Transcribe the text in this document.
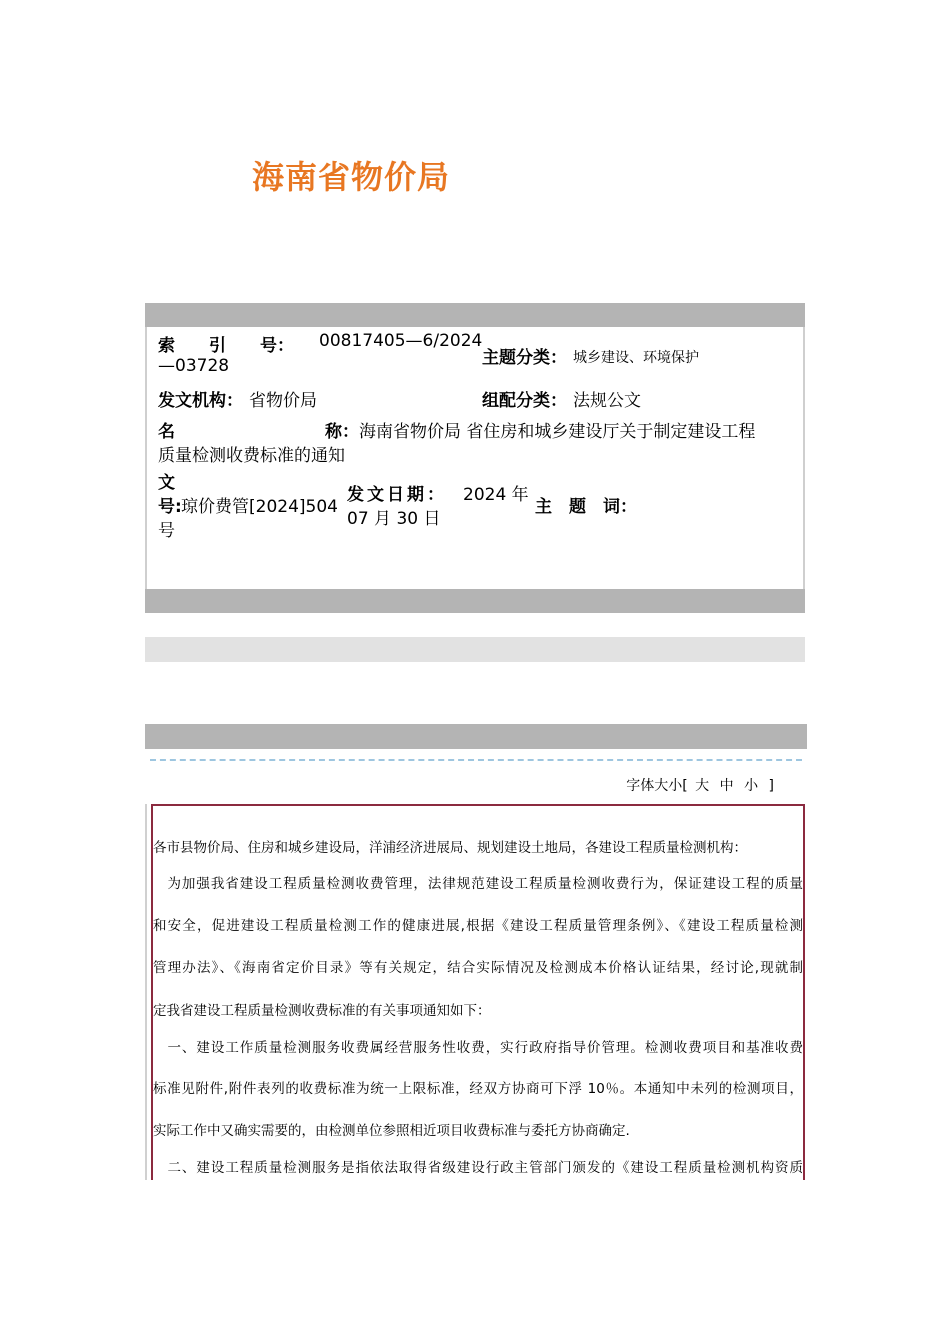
海南省物价局
索　　引　　号： 00817405—6/2024
—03728	主题分类： 城乡建设、环境保护
发文机构： 省物价局	组配分类： 法规公文
名	称： 海南省物价局 省住房和城乡建设厅关于制定建设工程
质量检测收费标准的通知
文
号: 琼价费管[2024]504
号
发文日期： 2024 年
07 月 30 日
主　题　词：
字体大小[ 大 中 小 ]
各市县物价局、住房和城乡建设局，洋浦经济进展局、规划建设土地局，各建设工程质量检测机构：
　为加强我省建设工程质量检测收费管理，法律规范建设工程质量检测收费行为，保证建设工程的质量
和安全，促进建设工程质量检测工作的健康进展,根据《建设工程质量管理条例》、《建设工程质量检测
管理办法》、《海南省定价目录》等有关规定，结合实际情况及检测成本价格认证结果，经讨论,现就制
定我省建设工程质量检测收费标准的有关事项通知如下：
　一、建设工作质量检测服务收费属经营服务性收费，实行政府指导价管理。检测收费项目和基准收费
标准见附件,附件表列的收费标准为统一上限标准，经双方协商可下浮 10％。本通知中未列的检测项目，
实际工作中又确实需要的，由检测单位参照相近项目收费标准与委托方协商确定.
　二、建设工程质量检测服务是指依法取得省级建设行政主管部门颁发的《建设工程质量检测机构资质
